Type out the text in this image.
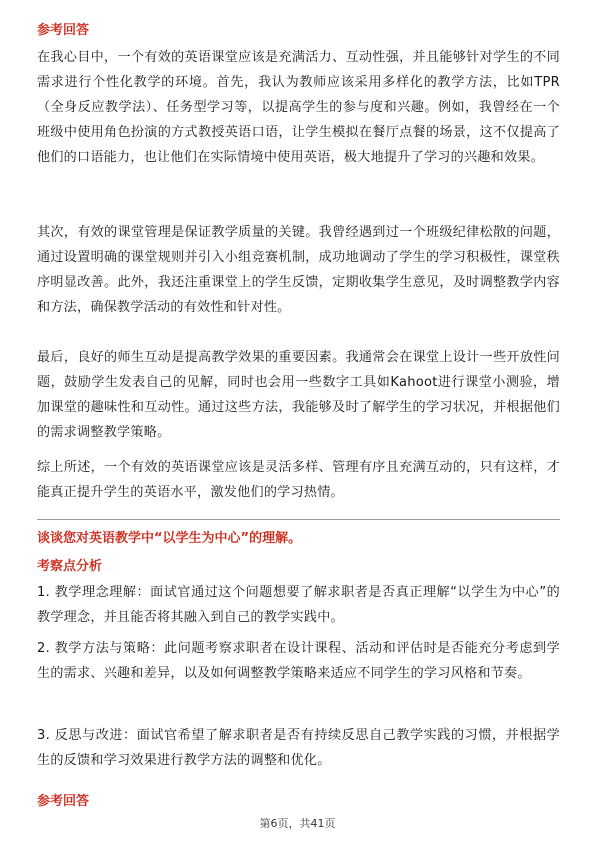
参考回答

在我心目中，一个有效的英语课堂应该是充满活力、互动性强，并且能够针对学生的不同需求进行个性化教学的环境。首先，我认为教师应该采用多样化的教学方法，比如TPR（全身反应教学法）、任务型学习等，以提高学生的参与度和兴趣。例如，我曾经在一个班级中使用角色扮演的方式教授英语口语，让学生模拟在餐厅点餐的场景，这不仅提高了他们的口语能力，也让他们在实际情境中使用英语，极大地提升了学习的兴趣和效果。

其次，有效的课堂管理是保证教学质量的关键。我曾经遇到过一个班级纪律松散的问题，通过设置明确的课堂规则并引入小组竞赛机制，成功地调动了学生的学习积极性，课堂秩序明显改善。此外，我还注重课堂上的学生反馈，定期收集学生意见，及时调整教学内容和方法，确保教学活动的有效性和针对性。

最后，良好的师生互动是提高教学效果的重要因素。我通常会在课堂上设计一些开放性问题，鼓励学生发表自己的见解，同时也会用一些数字工具如Kahoot进行课堂小测验，增加课堂的趣味性和互动性。通过这些方法，我能够及时了解学生的学习状况，并根据他们的需求调整教学策略。

综上所述，一个有效的英语课堂应该是灵活多样、管理有序且充满互动的，只有这样，才能真正提升学生的英语水平，激发他们的学习热情。

谈谈您对英语教学中“以学生为中心”的理解。
考察点分析

1. 教学理念理解：面试官通过这个问题想要了解求职者是否真正理解“以学生为中心”的教学理念，并且能否将其融入到自己的教学实践中。

2. 教学方法与策略：此问题考察求职者在设计课程、活动和评估时是否能充分考虑到学生的需求、兴趣和差异，以及如何调整教学策略来适应不同学生的学习风格和节奏。

3. 反思与改进：面试官希望了解求职者是否有持续反思自己教学实践的习惯，并根据学生的反馈和学习效果进行教学方法的调整和优化。

参考回答
第6页，共41页
